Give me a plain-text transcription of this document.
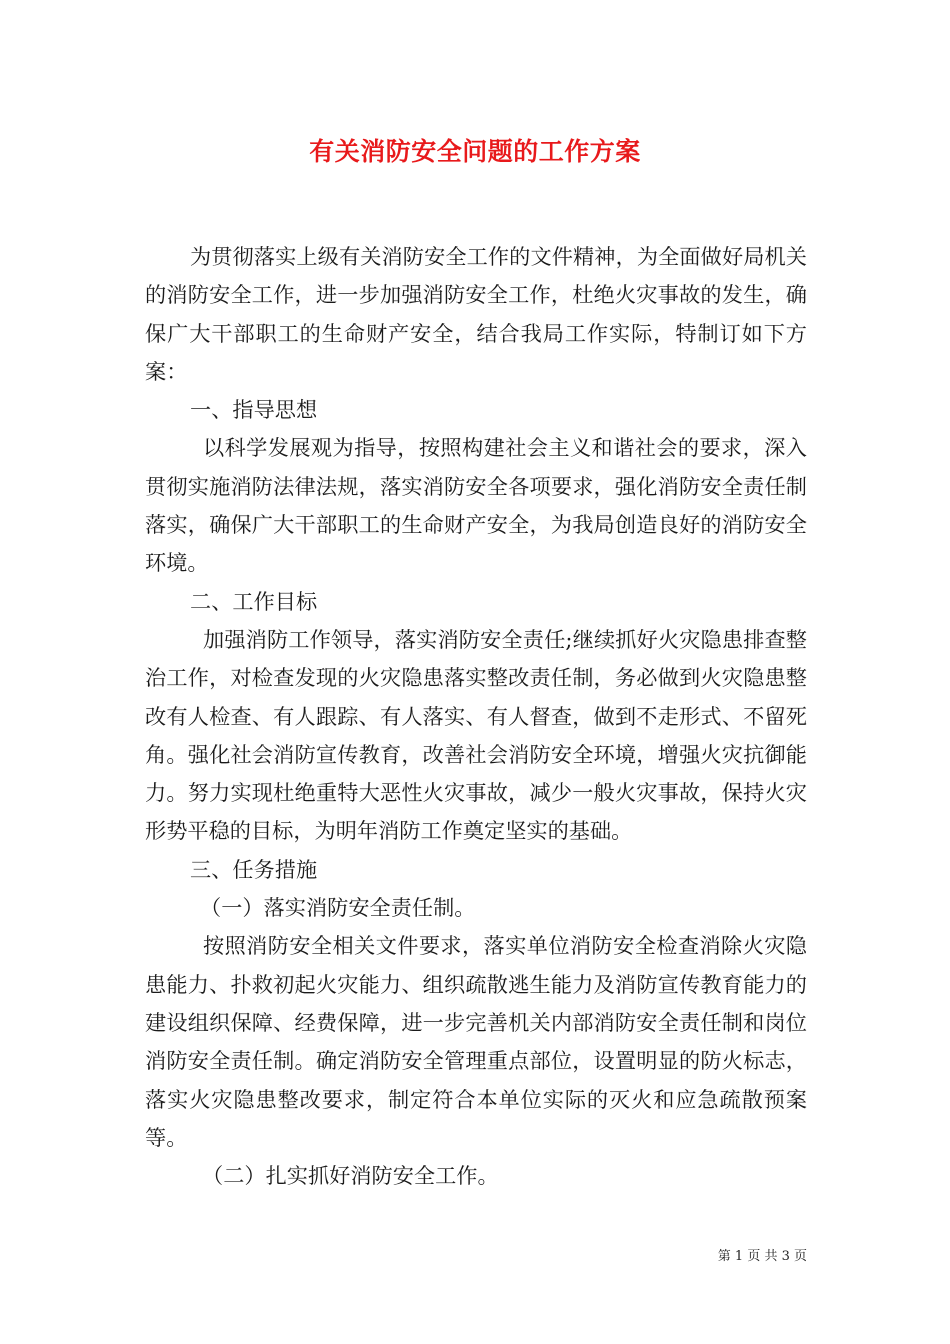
有关消防安全问题的工作方案

为贯彻落实上级有关消防安全工作的文件精神，为全面做好局机关的消防安全工作，进一步加强消防安全工作，杜绝火灾事故的发生，确保广大干部职工的生命财产安全，结合我局工作实际，特制订如下方案：

一、指导思想

以科学发展观为指导，按照构建社会主义和谐社会的要求，深入贯彻实施消防法律法规，落实消防安全各项要求，强化消防安全责任制落实，确保广大干部职工的生命财产安全，为我局创造良好的消防安全环境。

二、工作目标

加强消防工作领导，落实消防安全责任;继续抓好火灾隐患排查整治工作，对检查发现的火灾隐患落实整改责任制，务必做到火灾隐患整改有人检查、有人跟踪、有人落实、有人督查，做到不走形式、不留死角。强化社会消防宣传教育，改善社会消防安全环境，增强火灾抗御能力。努力实现杜绝重特大恶性火灾事故，减少一般火灾事故，保持火灾形势平稳的目标，为明年消防工作奠定坚实的基础。

三、任务措施

（一）落实消防安全责任制。

按照消防安全相关文件要求，落实单位消防安全检查消除火灾隐患能力、扑救初起火灾能力、组织疏散逃生能力及消防宣传教育能力的建设组织保障、经费保障，进一步完善机关内部消防安全责任制和岗位消防安全责任制。确定消防安全管理重点部位，设置明显的防火标志，落实火灾隐患整改要求，制定符合本单位实际的灭火和应急疏散预案等。

（二）扎实抓好消防安全工作。

第 1 页 共 3 页
